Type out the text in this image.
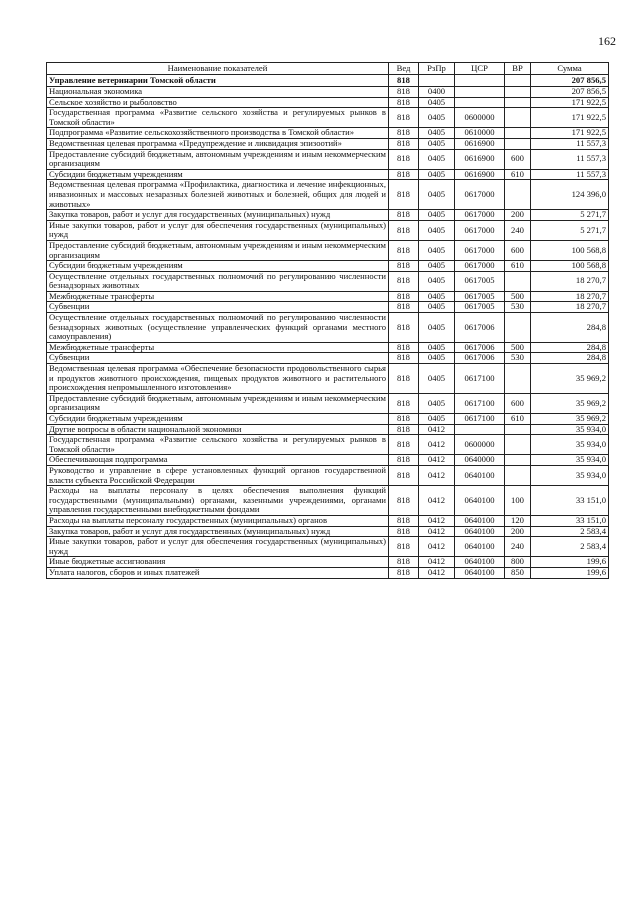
162
Наименование показателей	Вед	РзПр	ЦСР	ВР	Сумма
Управление ветеринарии Томской области	818				207 856,5
Национальная экономика	818	0400			207 856,5
Сельское хозяйство и рыболовство	818	0405			171 922,5
Государственная программа «Развитие сельского хозяйства и регулируемых рынков в Томской области»	818	0405	0600000		171 922,5
Подпрограмма «Развитие сельскохозяйственного производства в Томской области»	818	0405	0610000		171 922,5
Ведомственная целевая программа «Предупреждение и ликвидация эпизоотий»	818	0405	0616900		11 557,3
Предоставление субсидий бюджетным, автономным учреждениям и иным некоммерческим организациям	818	0405	0616900	600	11 557,3
Субсидии бюджетным учреждениям	818	0405	0616900	610	11 557,3
Ведомственная целевая программа «Профилактика, диагностика и лечение инфекционных, инвазионных и массовых незаразных болезней животных и болезней, общих для людей и животных»	818	0405	0617000		124 396,0
Закупка товаров, работ и услуг для государственных (муниципальных) нужд	818	0405	0617000	200	5 271,7
Иные закупки товаров, работ и услуг для обеспечения государственных (муниципальных) нужд	818	0405	0617000	240	5 271,7
Предоставление субсидий бюджетным, автономным учреждениям и иным некоммерческим организациям	818	0405	0617000	600	100 568,8
Субсидии бюджетным учреждениям	818	0405	0617000	610	100 568,8
Осуществление отдельных государственных полномочий по регулированию численности безнадзорных животных	818	0405	0617005		18 270,7
Межбюджетные трансферты	818	0405	0617005	500	18 270,7
Субвенции	818	0405	0617005	530	18 270,7
Осуществление отдельных государственных полномочий по регулированию численности безнадзорных животных (осуществление управленческих функций органами местного самоуправления)	818	0405	0617006		284,8
Межбюджетные трансферты	818	0405	0617006	500	284,8
Субвенции	818	0405	0617006	530	284,8
Ведомственная целевая программа «Обеспечение безопасности продовольственного сырья и продуктов животного происхождения, пищевых продуктов животного и растительного происхождения непромышленного изготовления»	818	0405	0617100		35 969,2
Предоставление субсидий бюджетным, автономным учреждениям и иным некоммерческим организациям	818	0405	0617100	600	35 969,2
Субсидии бюджетным учреждениям	818	0405	0617100	610	35 969,2
Другие вопросы в области национальной экономики	818	0412			35 934,0
Государственная программа «Развитие сельского хозяйства и регулируемых рынков в Томской области»	818	0412	0600000		35 934,0
Обеспечивающая подпрограмма	818	0412	0640000		35 934,0
Руководство и управление в сфере установленных функций органов государственной власти субъекта Российской Федерации	818	0412	0640100		35 934,0
Расходы на выплаты персоналу в целях обеспечения выполнения функций государственными (муниципальными) органами, казенными учреждениями, органами управления государственными внебюджетными фондами	818	0412	0640100	100	33 151,0
Расходы на выплаты персоналу государственных (муниципальных) органов	818	0412	0640100	120	33 151,0
Закупка товаров, работ и услуг для государственных (муниципальных) нужд	818	0412	0640100	200	2 583,4
Иные закупки товаров, работ и услуг для обеспечения государственных (муниципальных) нужд	818	0412	0640100	240	2 583,4
Иные бюджетные ассигнования	818	0412	0640100	800	199,6
Уплата налогов, сборов и иных платежей	818	0412	0640100	850	199,6
